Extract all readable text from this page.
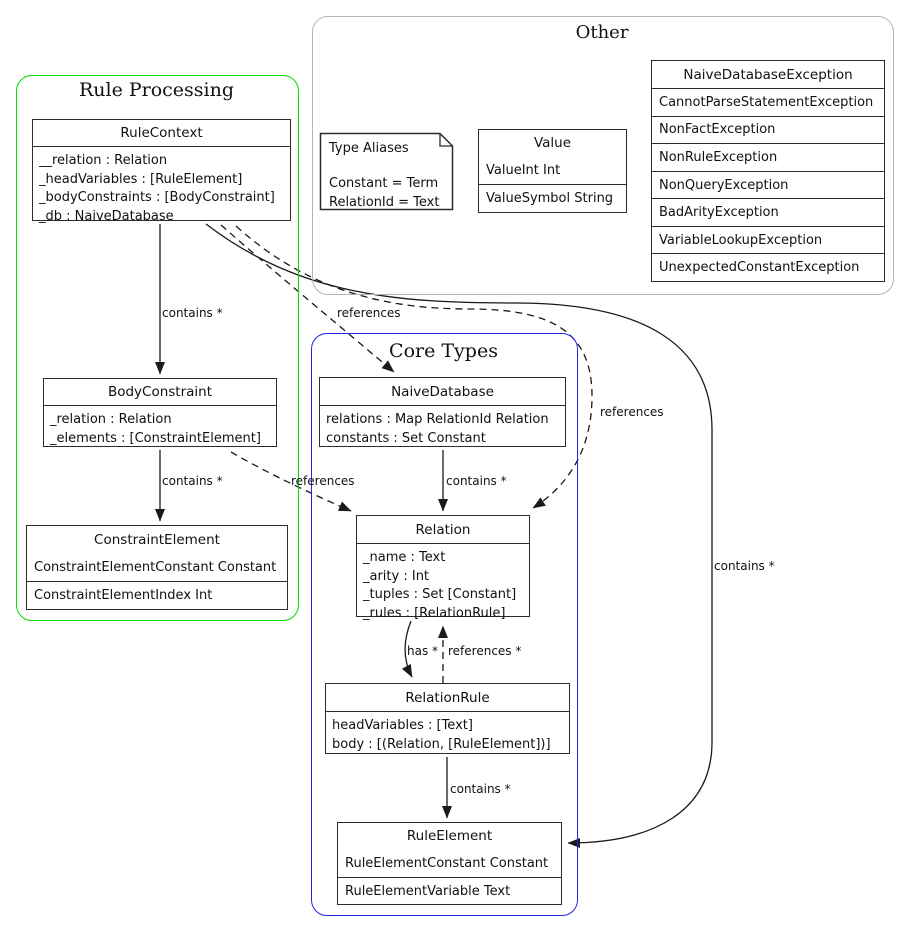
Rule Processing
Other
Core Types
RuleContext
__relation : Relation
_headVariables : [RuleElement]
_bodyConstraints : [BodyConstraint]
_db : NaiveDatabase
BodyConstraint
_relation : Relation
_elements : [ConstraintElement]
ConstraintElement
ConstraintElementConstant Constant
ConstraintElementIndex Int
NaiveDatabase
relations : Map RelationId Relation
constants : Set Constant
Relation
_name : Text
_arity : Int
_tuples : Set [Constant]
_rules : [RelationRule]
RelationRule
headVariables : [Text]
body : [(Relation, [RuleElement])]
RuleElement
RuleElementConstant Constant
RuleElementVariable Text
Value
ValueInt Int
ValueSymbol String
NaiveDatabaseException
CannotParseStatementException
NonFactException
NonRuleException
NonQueryException
BadArityException
VariableLookupException
UnexpectedConstantException
Type Aliases
Constant = Term
RelationId = Text
contains *	references
references
contains *
contains *	references	contains *
has * references *
contains *
